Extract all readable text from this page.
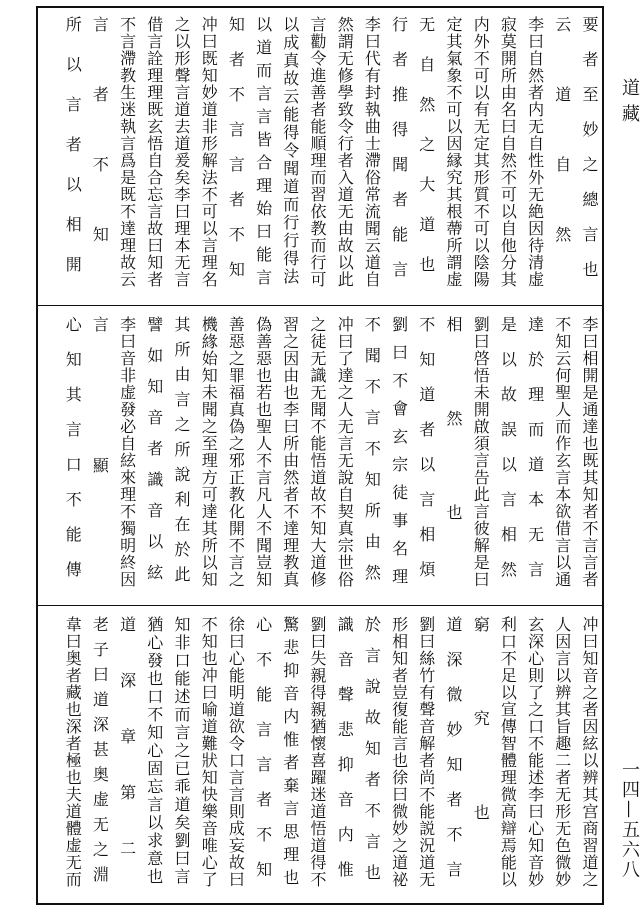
道藏
一四—五六八
要者至妙之總言也
云道自然
李曰自然者内无自性外无絶因待清虚
寂莫開所由名曰自然不可以自他分其
内外不可以有无定其形質不可以陰陽
定其氣象不可以因縁究其根蔕所謂虚
无自然之大道也
行者推得聞者能言
李曰代有封執曲士滯俗常流聞云道自
然謂无修學致令行者入道无由故以此
言勸令進善者能順理而習依教而行可
以成真故云能得令聞道而行行得法
以道而言言皆合理始曰能言
知者不言言者不知
冲曰既知妙道非形解法不可以言理名
之以形聲言道去道爰矣李曰理本无言
借言詮理理既玄悟自合忘言故曰知者
不言滯教生迷執言爲是既不達理故云
言者不知
所以言者以相開
李曰相開是通達也既其知者不言言者
不知云何聖人而作玄言本欲借言以通
達於理而道本无言
是以故誤以言相然
劉曰啓悟未開啟須言告此言彼解是曰
相然也
不知道者以言相煩
劉曰不會玄宗徒事名理
不聞不言不知所由然
冲曰了達之人无言无說自契真宗世俗
之徒无識无聞不能悟道故不知大道修
習之因由也李曰所由然者不達理教真
偽善惡也若也聖人不言凡人不聞豈知
善惡之罪福真偽之邪正教化開不言之
機緣始知未聞之至理方可達其所以知
其所由言之所說利在於此
譬如知音者識音以絃
李曰音非虚發必自絃來理不獨明終因
言顯
心知其言口不能傳
冲曰知音之者因絃以辨其宫商習道之
人因言以辨其旨趣二者无形无色微妙
玄深心則了之口不能述李曰心知音妙
利口不足以宣傳智體理微高辯焉能以
窮究也
道深微妙知者不言
劉曰絲竹有聲音解者尚不能説況道无
形相知者豈復能言也徐曰微妙之道祕
於言說故知者不言也
識音聲悲抑音内惟
劉曰失親得親猶懷喜躍迷道悟道得不
驚悲抑音内惟者棄言思理也
心不能言言者不知
徐曰心能明道欲令口言言則成妄故曰
不知也冲曰喻道難狀知快樂音唯心了
知非口能述而言之已乖道矣劉曰言
猶心發也口不知心固忘言以求意也
道深章第二
老子曰道深甚奥虚无之淵
韋曰奥者藏也深者極也夫道體虚无而
